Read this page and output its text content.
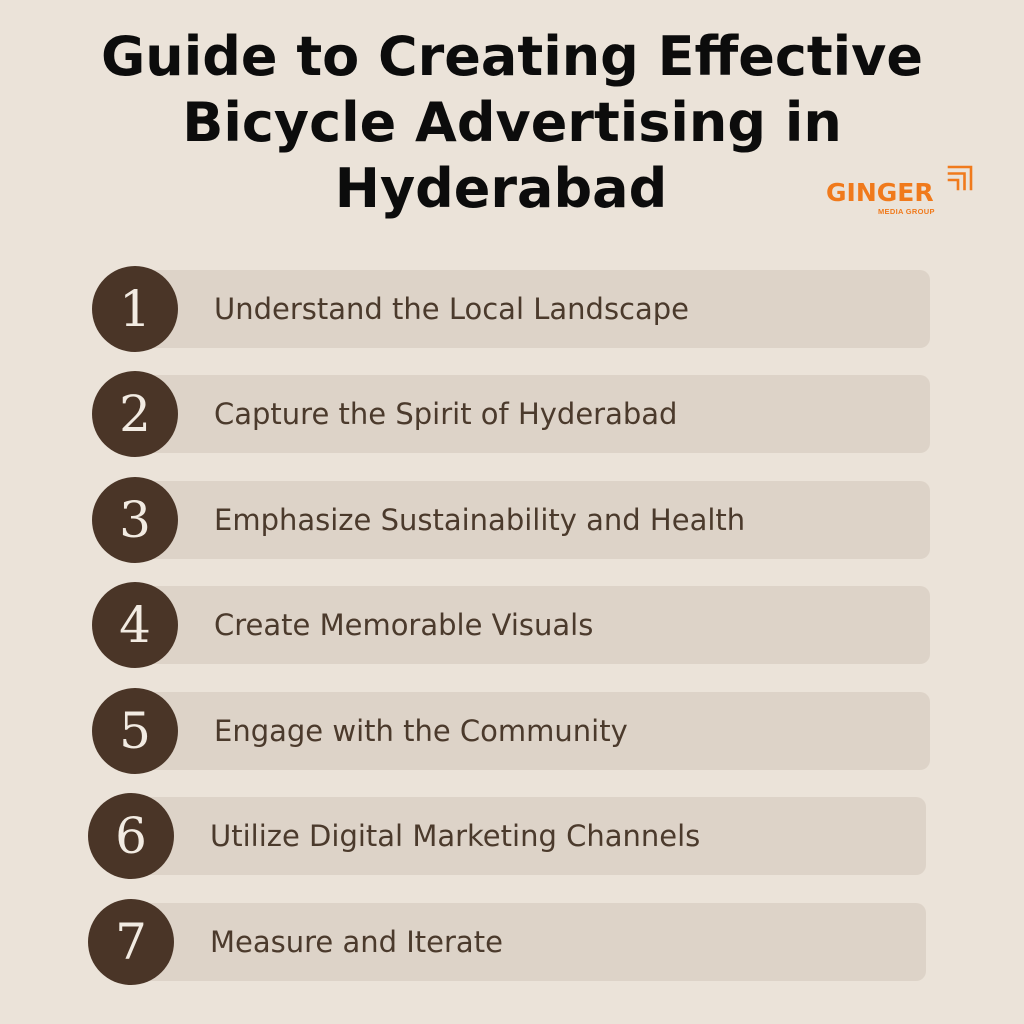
Guide to Creating Effective
Bicycle Advertising in
Hyderabad	GINGER
MEDIA GROUP
1	Understand the Local Landscape
2	Capture the Spirit of Hyderabad
3	Emphasize Sustainability and Health
4	Create Memorable Visuals
5	Engage with the Community
6	Utilize Digital Marketing Channels
7	Measure and Iterate
